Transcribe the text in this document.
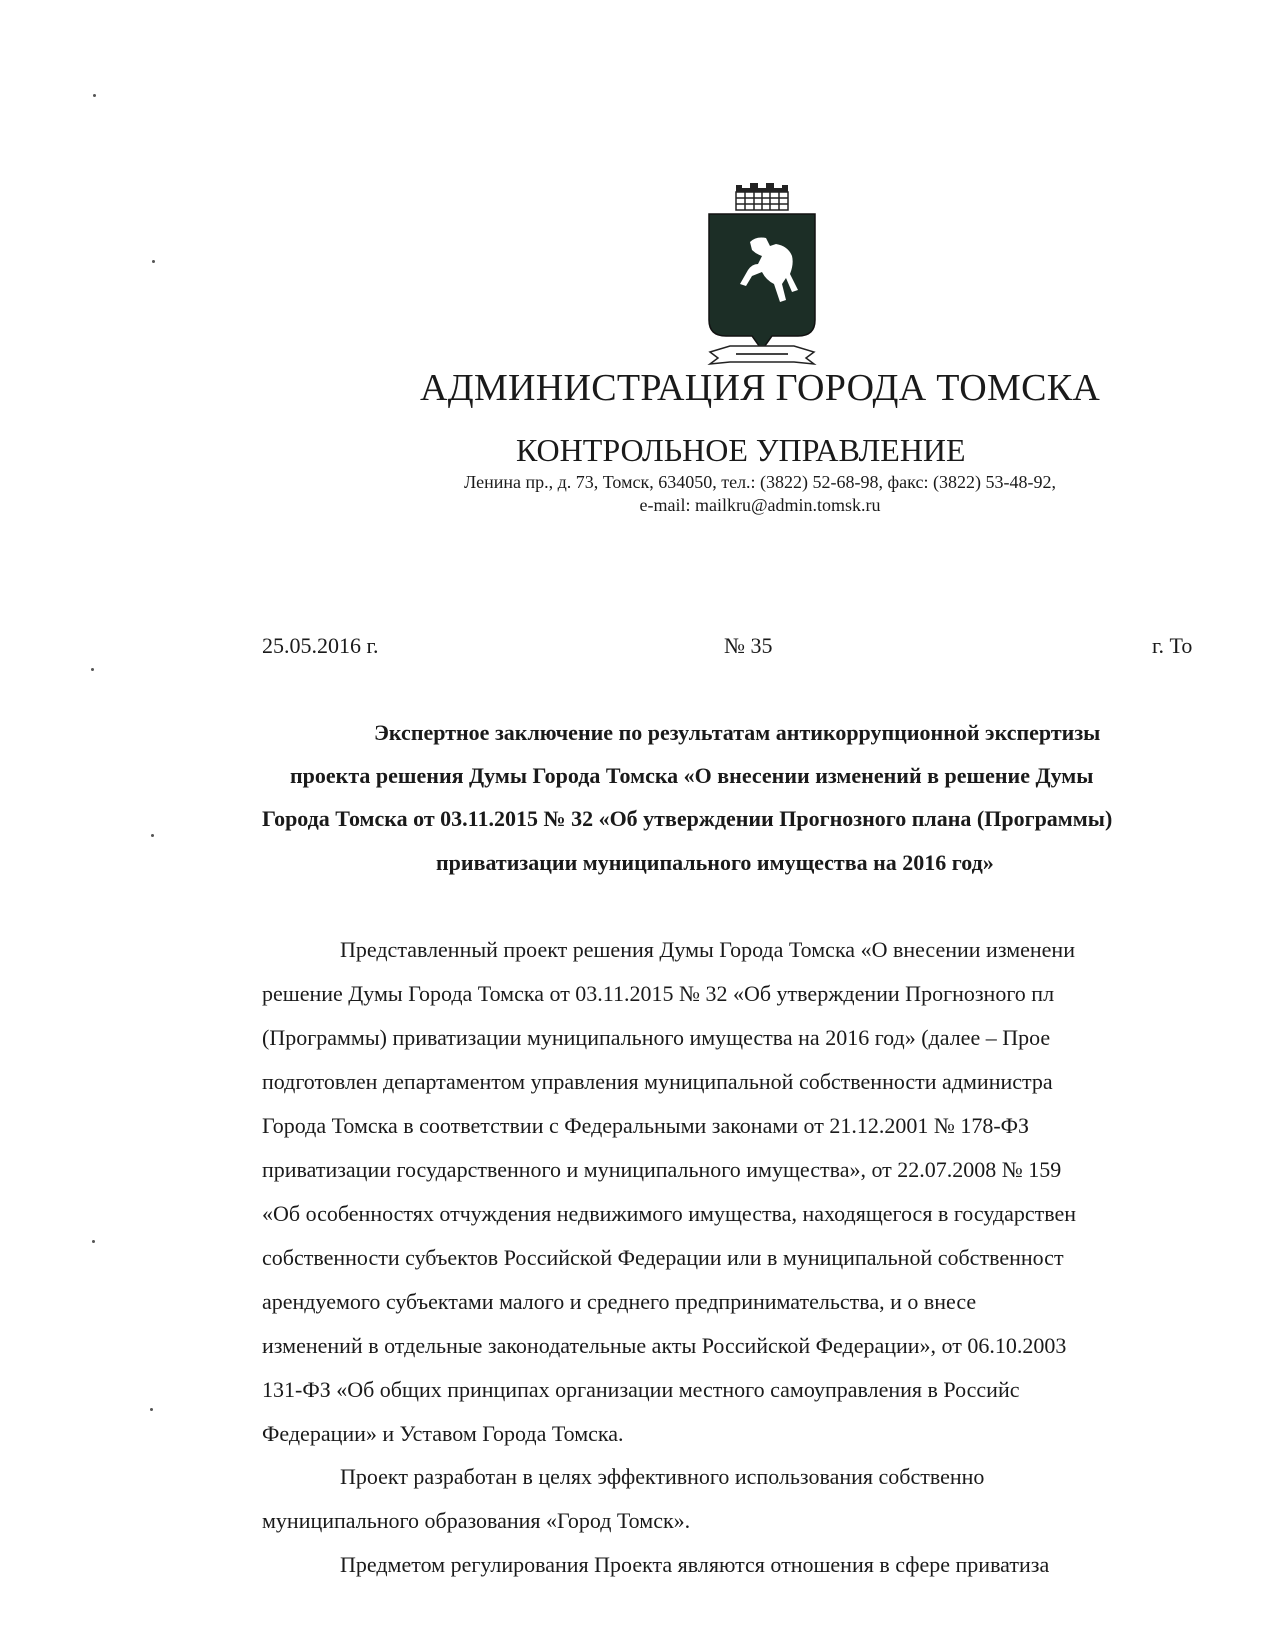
АДМИНИСТРАЦИЯ ГОРОДА ТОМСКА
КОНТРОЛЬНОЕ УПРАВЛЕНИЕ
Ленина пр., д. 73, Томск, 634050, тел.: (3822) 52-68-98, факс: (3822) 53-48-92,
e-mail: mailkru@admin.tomsk.ru
25.05.2016 г.	№ 35	г. То
Экспертное заключение по результатам антикоррупционной экспертизы
проекта решения Думы Города Томска «О внесении изменений в решение Думы
Города Томска от 03.11.2015 № 32 «Об утверждении Прогнозного плана (Программы)
приватизации муниципального имущества на 2016 год»
Представленный проект решения Думы Города Томска «О внесении изменени
решение Думы Города Томска от 03.11.2015 № 32 «Об утверждении Прогнозного пл
(Программы) приватизации муниципального имущества на 2016 год» (далее – Прое
подготовлен департаментом управления муниципальной собственности администра
Города Томска в соответствии с Федеральными законами от 21.12.2001 № 178-ФЗ
приватизации государственного и муниципального имущества», от 22.07.2008 № 159
«Об особенностях отчуждения недвижимого имущества, находящегося в государствен
собственности субъектов Российской Федерации или в муниципальной собственност
арендуемого субъектами малого и среднего предпринимательства, и о внесе
изменений в отдельные законодательные акты Российской Федерации», от 06.10.2003
131-ФЗ «Об общих принципах организации местного самоуправления в Российс
Федерации» и Уставом Города Томска.
Проект разработан в целях эффективного использования собственно
муниципального образования «Город Томск».
Предметом регулирования Проекта являются отношения в сфере приватиза
